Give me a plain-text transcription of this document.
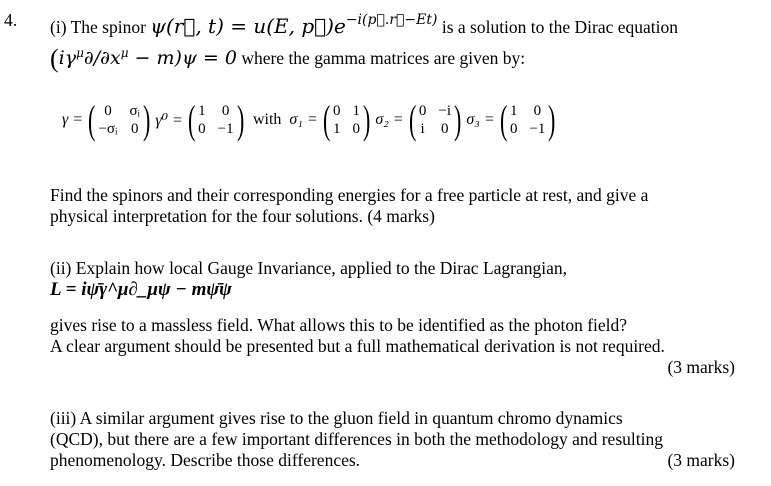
4. (i) The spinor ψ(r⃗, t) = u(E, $p⃗)e^{-i(p⃗.r⃗-Et)}$ is a solution to the Dirac equation
$(i\gamma^\mu\partial/\partial x^\mu - m)\psi = 0$ where the gamma matrices are given by:
γ = ( 0	σᵢ
−σᵢ 0 ) γ⁰ = ( 1 0
0 −1 ) with σ₁ = ( 0 1
1 0 ) σ₂ = ( 0 −i
i 0 ) σ₃ = ( 1 0
0 −1 )
Find the spinors and their corresponding energies for a free particle at rest, and give a
physical interpretation for the four solutions. (4 marks)
(ii) Explain how local Gauge Invariance, applied to the Dirac Lagrangian,
L = iψ̄γ^μ∂_μψ − mψ̄ψ
gives rise to a massless field. What allows this to be identified as the photon field?
A clear argument should be presented but a full mathematical derivation is not required.
(3 marks)
(iii) A similar argument gives rise to the gluon field in quantum chromo dynamics
(QCD), but there are a few important differences in both the methodology and resulting
phenomenology. Describe those differences.	(3 marks)
